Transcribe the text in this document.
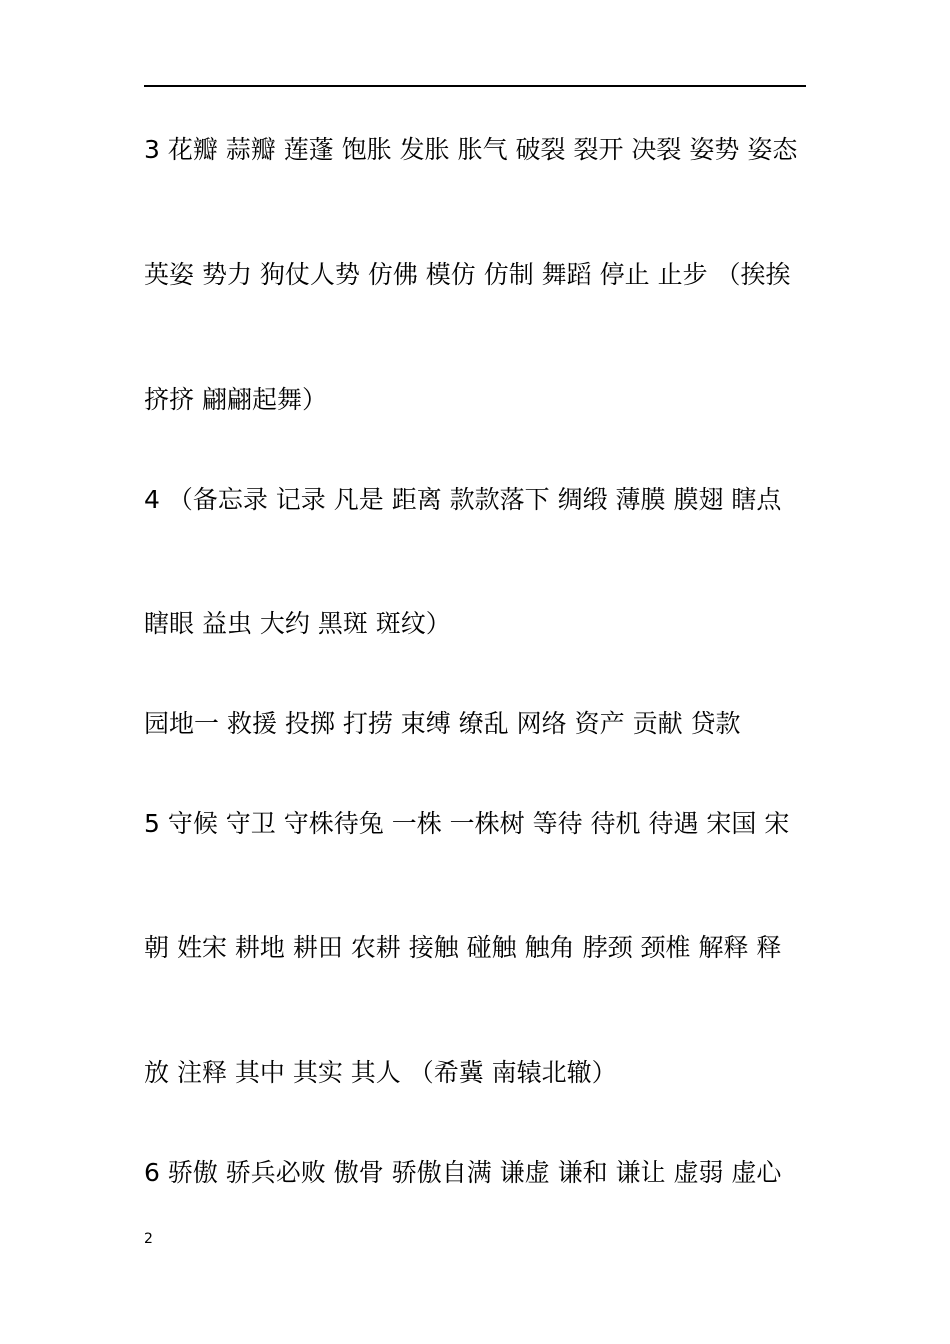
3 花瓣 蒜瓣 莲蓬 饱胀 发胀 胀气 破裂 裂开 决裂 姿势 姿态
英姿 势力 狗仗人势 仿佛 模仿 仿制 舞蹈 停止 止步 （挨挨
挤挤 翩翩起舞）
4 （备忘录 记录 凡是 距离 款款落下 绸缎 薄膜 膜翅 瞎点
瞎眼 益虫 大约 黑斑 斑纹）
园地一 救援 投掷 打捞 束缚 缭乱 网络 资产 贡献 贷款
5 守候 守卫 守株待兔 一株 一株树 等待 待机 待遇 宋国 宋
朝 姓宋 耕地 耕田 农耕 接触 碰触 触角 脖颈 颈椎 解释 释
放 注释 其中 其实 其人 （希冀 南辕北辙）
6 骄傲 骄兵必败 傲骨 骄傲自满 谦虚 谦和 谦让 虚弱 虚心
2
